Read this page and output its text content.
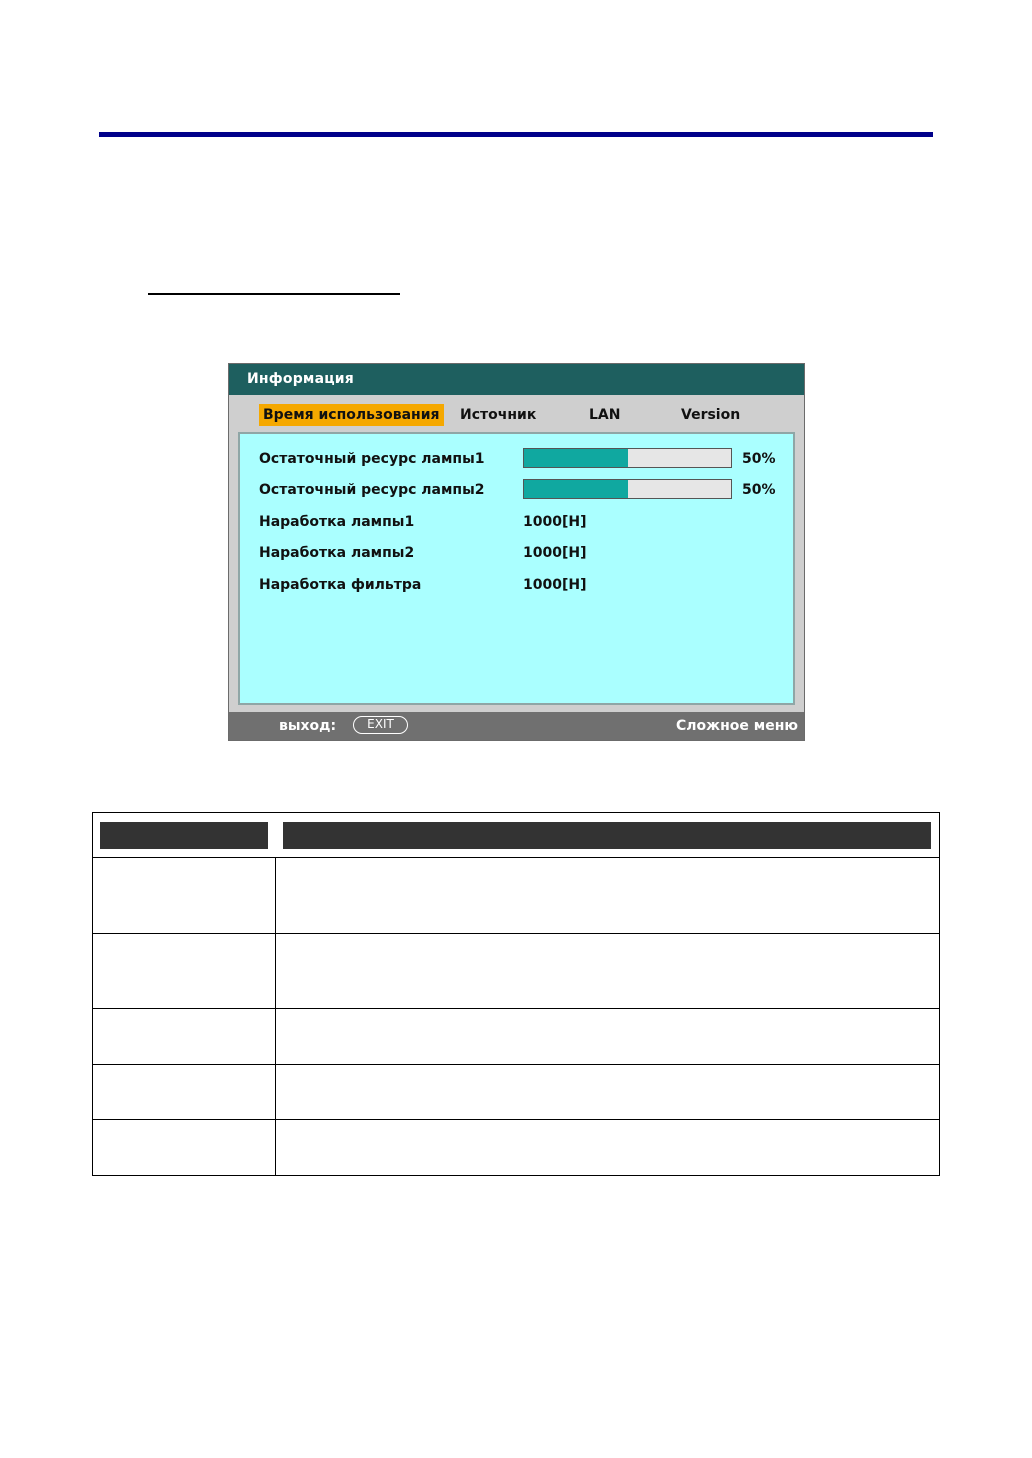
Информация
Время использования Источник	LAN	Version
Остаточный ресурс лампы1	50%
Остаточный ресурс лампы2	50%
Наработка лампы1	1000[H]
Наработка лампы2	1000[H]
Наработка фильтра	1000[H]
выход:	EXIT	Сложное меню
